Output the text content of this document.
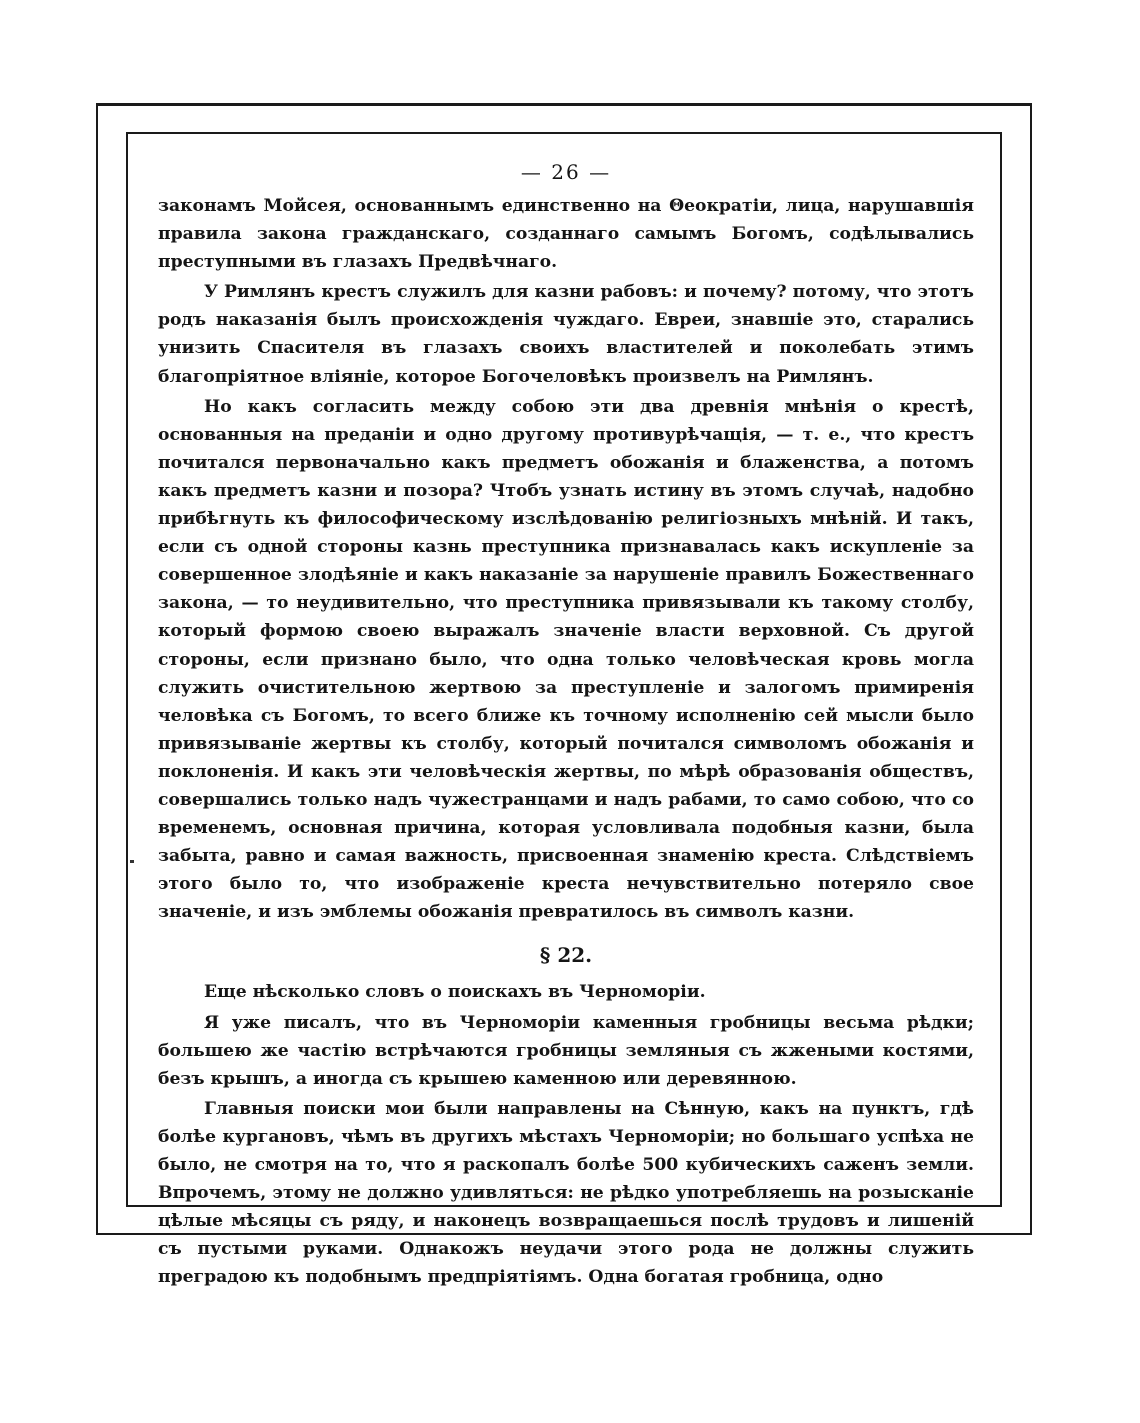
— 26 —

законамъ Мойсея, основаннымъ единственно на Θеократіи, лица, нарушавшія правила закона гражданскаго, созданнаго самымъ Богомъ, содѣлывались преступными въ глазахъ Предвѣчнаго.

У Римлянъ крестъ служилъ для казни рабовъ: и почему? потому, что этотъ родъ наказанія былъ происхожденія чуждаго. Евреи, знавшіе это, старались унизить Спасителя въ глазахъ своихъ властителей и поколебать этимъ благопріятное вліяніе, которое Богочеловѣкъ произвелъ на Римлянъ.

Но какъ согласить между собою эти два древнія мнѣнія о крестѣ, основанныя на преданіи и одно другому противурѣчащія, — т. е., что крестъ почитался первоначально какъ предметъ обожанія и блаженства, а потомъ какъ предметъ казни и позора? Чтобъ узнать истину въ этомъ случаѣ, надобно прибѣгнуть къ философическому изслѣдованію религіозныхъ мнѣній. И такъ, если съ одной стороны казнь преступника признавалась какъ искупленіе за совершенное злодѣяніе и какъ наказаніе за нарушеніе правилъ Божественнаго закона, — то неудивительно, что преступника привязывали къ такому столбу, который формою своею выражалъ значеніе власти верховной. Съ другой стороны, если признано было, что одна только человѣческая кровь могла служить очистительною жертвою за преступленіе и залогомъ примиренія человѣка съ Богомъ, то всего ближе къ точному исполненію сей мысли было привязываніе жертвы къ столбу, который почитался символомъ обожанія и поклоненія. И какъ эти человѣческія жертвы, по мѣрѣ образованія обществъ, совершались только надъ чужестранцами и надъ рабами, то само собою, что со временемъ, основная причина, которая условливала подобныя казни, была забыта, равно и самая важность, присвоенная знаменію креста. Слѣдствіемъ этого было то, что изображеніе креста нечувствительно потеряло свое значеніе, и изъ эмблемы обожанія превратилось въ символъ казни.

§ 22.

Еще нѣсколько словъ о поискахъ въ Черноморіи.

Я уже писалъ, что въ Черноморіи каменныя гробницы весьма рѣдки; большею же частію встрѣчаются гробницы земляныя съ жжеными костями, безъ крышъ, а иногда съ крышею каменною или деревянною.

Главныя поиски мои были направлены на Сѣнную, какъ на пунктъ, гдѣ болѣе кургановъ, чѣмъ въ другихъ мѣстахъ Черноморіи; но большаго успѣха не было, не смотря на то, что я раскопалъ болѣе 500 кубическихъ саженъ земли. Впрочемъ, этому не должно удивляться: не рѣдко употребляешь на розысканіе цѣлые мѣсяцы съ ряду, и наконецъ возвращаешься послѣ трудовъ и лишеній съ пустыми руками. Однакожъ неудачи этого рода не должны служить преградою къ подобнымъ предпріятіямъ. Одна богатая гробница, одно
